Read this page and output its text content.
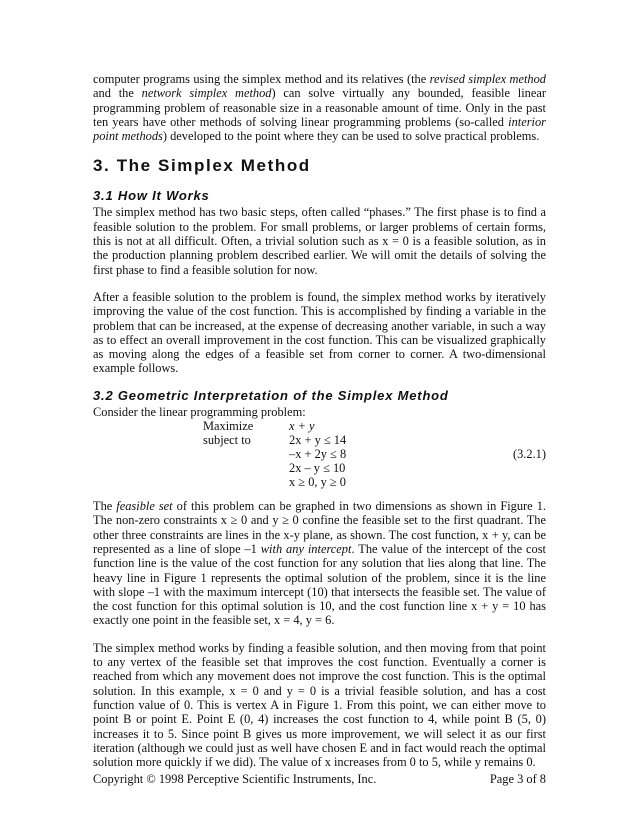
computer programs using the simplex method and its relatives (the revised simplex method and the network simplex method) can solve virtually any bounded, feasible linear programming problem of reasonable size in a reasonable amount of time. Only in the past ten years have other methods of solving linear programming problems (so-called interior point methods) developed to the point where they can be used to solve practical problems.

3. The Simplex Method
3.1 How It Works

The simplex method has two basic steps, often called “phases.” The first phase is to find a feasible solution to the problem. For small problems, or larger problems of certain forms, this is not at all difficult. Often, a trivial solution such as x = 0 is a feasible solution, as in the production planning problem described earlier. We will omit the details of solving the first phase to find a feasible solution for now.

After a feasible solution to the problem is found, the simplex method works by iteratively improving the value of the cost function. This is accomplished by finding a variable in the problem that can be increased, at the expense of decreasing another variable, in such a way as to effect an overall improvement in the cost function. This can be visualized graphically as moving along the edges of a feasible set from corner to corner. A two-dimensional example follows.

3.2 Geometric Interpretation of the Simplex Method

Consider the linear programming problem:

Maximize	x + y
subject to	2x + y ≤ 14
–x + 2y ≤ 8
2x – y ≤ 10
x ≥ 0, y ≥ 0
(3.2.1)

The feasible set of this problem can be graphed in two dimensions as shown in Figure 1. The non-zero constraints x ≥ 0 and y ≥ 0 confine the feasible set to the first quadrant. The other three constraints are lines in the x-y plane, as shown. The cost function, x + y, can be represented as a line of slope –1 with any intercept. The value of the intercept of the cost function line is the value of the cost function for any solution that lies along that line. The heavy line in Figure 1 represents the optimal solution of the problem, since it is the line with slope –1 with the maximum intercept (10) that intersects the feasible set. The value of the cost function for this optimal solution is 10, and the cost function line x + y = 10 has exactly one point in the feasible set, x = 4, y = 6.

The simplex method works by finding a feasible solution, and then moving from that point to any vertex of the feasible set that improves the cost function. Eventually a corner is reached from which any movement does not improve the cost function. This is the optimal solution. In this example, x = 0 and y = 0 is a trivial feasible solution, and has a cost function value of 0. This is vertex A in Figure 1. From this point, we can either move to point B or point E. Point E (0, 4) increases the cost function to 4, while point B (5, 0) increases it to 5. Since point B gives us more improvement, we will select it as our first iteration (although we could just as well have chosen E and in fact would reach the optimal solution more quickly if we did). The value of x increases from 0 to 5, while y remains 0.

Copyright © 1998 Perceptive Scientific Instruments, Inc.	Page 3 of 8
